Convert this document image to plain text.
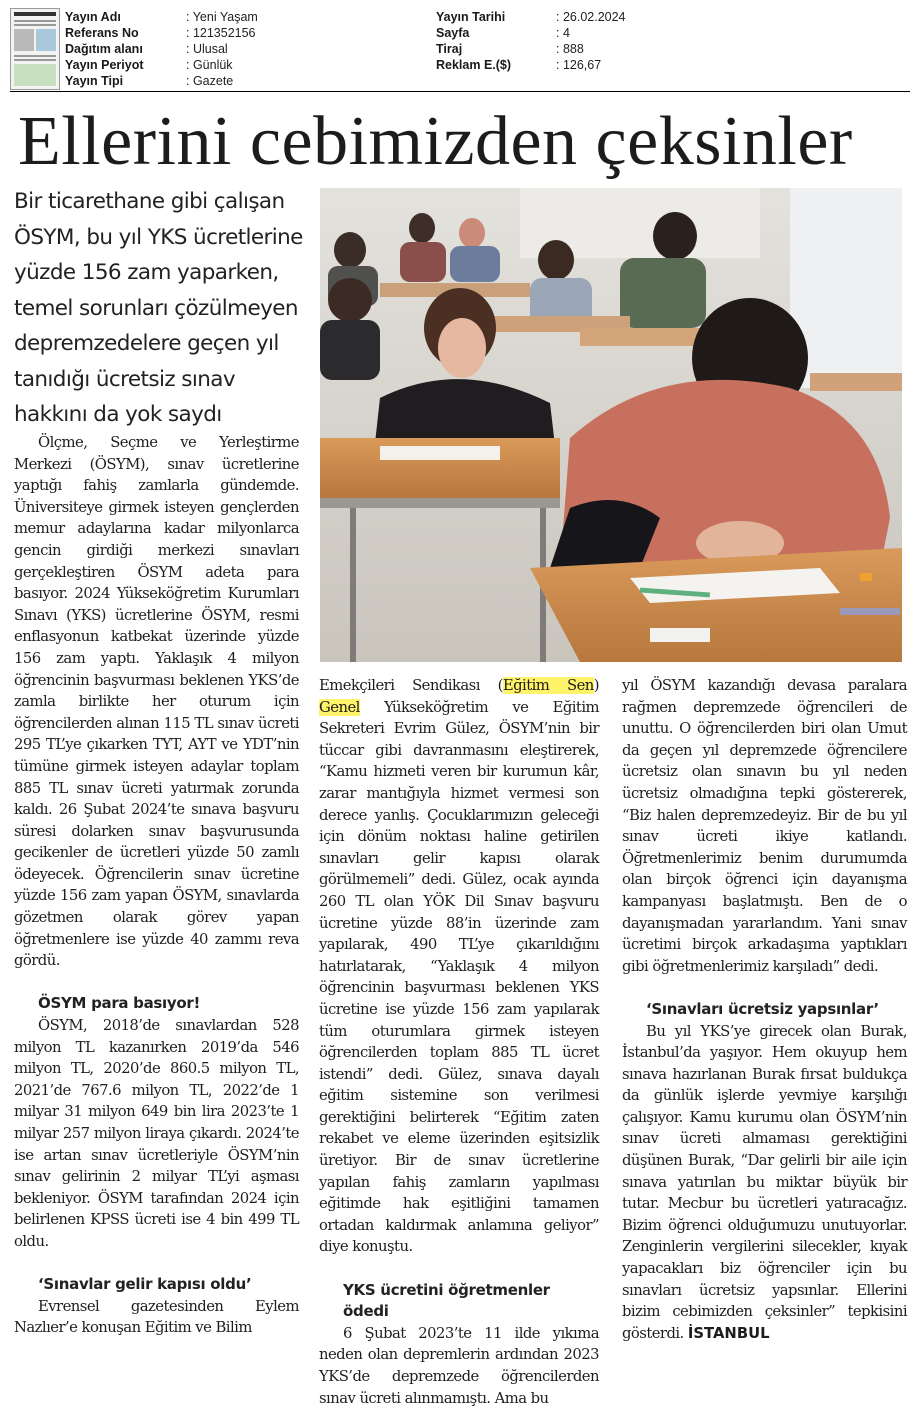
Yayın Adı	: Yeni Yaşam
Referans No	: 121352156
Dağıtım alanı	: Ulusal
Yayın Periyot	: Günlük
Yayın Tipi	: Gazete
Yayın Tarihi	: 26.02.2024
Sayfa	: 4
Tiraj	: 888
Reklam E.($)	: 126,67
Ellerini cebimizden çeksinler
Bir ticarethane gibi çalışan ÖSYM, bu yıl YKS ücretlerine yüzde 156 zam yaparken, temel sorunları çözülmeyen depremzedelere geçen yıl tanıdığı ücretsiz sınav hakkını da yok saydı

Ölçme, Seçme ve Yerleştirme Merkezi (ÖSYM), sınav ücretlerine yaptığı fahiş zamlarla gündemde. Üniversiteye girmek isteyen gençlerden memur adaylarına kadar milyonlarca gencin girdiği merkezi sınavları gerçekleştiren ÖSYM adeta para basıyor. 2024 Yükseköğretim Kurumları Sınavı (YKS) ücretlerine ÖSYM, resmi enflasyonun katbekat üzerinde yüzde 156 zam yaptı. Yaklaşık 4 milyon öğrencinin başvurması beklenen YKS’de zamla birlikte her oturum için öğrencilerden alınan 115 TL sınav ücreti 295 TL’ye çıkarken TYT, AYT ve YDT’nin tümüne girmek isteyen adaylar toplam 885 TL sınav ücreti yatırmak zorunda kaldı. 26 Şubat 2024’te sınava başvuru süresi dolarken sınav başvurusunda gecikenler de ücretleri yüzde 50 zamlı ödeyecek. Öğrencilerin sınav ücretine yüzde 156 zam yapan ÖSYM, sınavlarda gözetmen olarak görev yapan öğretmenlere ise yüzde 40 zammı reva gördü.

ÖSYM para basıyor!

ÖSYM, 2018’de sınavlardan 528 milyon TL kazanırken 2019’da 546 milyon TL, 2020’de 860.5 milyon TL, 2021’de 767.6 milyon TL, 2022’de 1 milyar 31 milyon 649 bin lira 2023’te 1 milyar 257 milyon liraya çıkardı. 2024’te ise artan sınav ücretleriyle ÖSYM’nin sınav gelirinin 2 milyar TL’yi aşması bekleniyor. ÖSYM tarafından 2024 için belirlenen KPSS ücreti ise 4 bin 499 TL oldu.

‘Sınavlar gelir kapısı oldu’

Evrensel gazetesinden Eylem Nazlıer’e konuşan Eğitim ve Bilim

Emekçileri Sendikası (Eğitim Sen) Genel Yükseköğretim ve Eğitim Sekreteri Evrim Gülez, ÖSYM’nin bir tüccar gibi davranmasını eleştirerek, “Kamu hizmeti veren bir kurumun kâr, zarar mantığıyla hizmet vermesi son derece yanlış. Çocuklarımızın geleceği için dönüm noktası haline getirilen sınavları gelir kapısı olarak görülmemeli” dedi. Gülez, ocak ayında 260 TL olan YÖK Dil Sınav başvuru ücretine yüzde 88’in üzerinde zam yapılarak, 490 TL’ye çıkarıldığını hatırlatarak, “Yaklaşık 4 milyon öğrencinin başvurması beklenen YKS ücretine ise yüzde 156 zam yapılarak tüm oturumlara girmek isteyen öğrencilerden toplam 885 TL ücret istendi” dedi. Gülez, sınava dayalı eğitim sistemine son verilmesi gerektiğini belirterek “Eğitim zaten rekabet ve eleme üzerinden eşitsizlik üretiyor. Bir de sınav ücretlerine yapılan fahiş zamların yapılması eğitimde hak eşitliğini tamamen ortadan kaldırmak anlamına geliyor” diye konuştu.

YKS ücretini öğretmenler ödedi

6 Şubat 2023’te 11 ilde yıkıma neden olan depremlerin ardından 2023 YKS’de depremzede öğrencilerden sınav ücreti alınmamıştı. Ama bu

yıl ÖSYM kazandığı devasa paralara rağmen depremzede öğrencileri de unuttu. O öğrencilerden biri olan Umut da geçen yıl depremzede öğrencilere ücretsiz olan sınavın bu yıl neden ücretsiz olmadığına tepki göstererek, “Biz halen depremzedeyiz. Bir de bu yıl sınav ücreti ikiye katlandı. Öğretmenlerimiz benim durumumda olan birçok öğrenci için dayanışma kampanyası başlatmıştı. Ben de o dayanışmadan yararlandım. Yani sınav ücretimi birçok arkadaşıma yaptıkları gibi öğretmenlerimiz karşıladı” dedi.

‘Sınavları ücretsiz yapsınlar’

Bu yıl YKS’ye girecek olan Burak, İstanbul’da yaşıyor. Hem okuyup hem sınava hazırlanan Burak fırsat buldukça da günlük işlerde yevmiye karşılığı çalışıyor. Kamu kurumu olan ÖSYM’nin sınav ücreti almaması gerektiğini düşünen Burak, “Dar gelirli bir aile için sınava yatırılan bu miktar büyük bir tutar. Mecbur bu ücretleri yatıracağız. Bizim öğrenci olduğumuzu unutuyorlar. Zenginlerin vergilerini silecekler, kıyak yapacakları biz öğrenciler için bu sınavları ücretsiz yapsınlar. Ellerini bizim cebimizden çeksinler” tepkisini gösterdi. İSTANBUL
